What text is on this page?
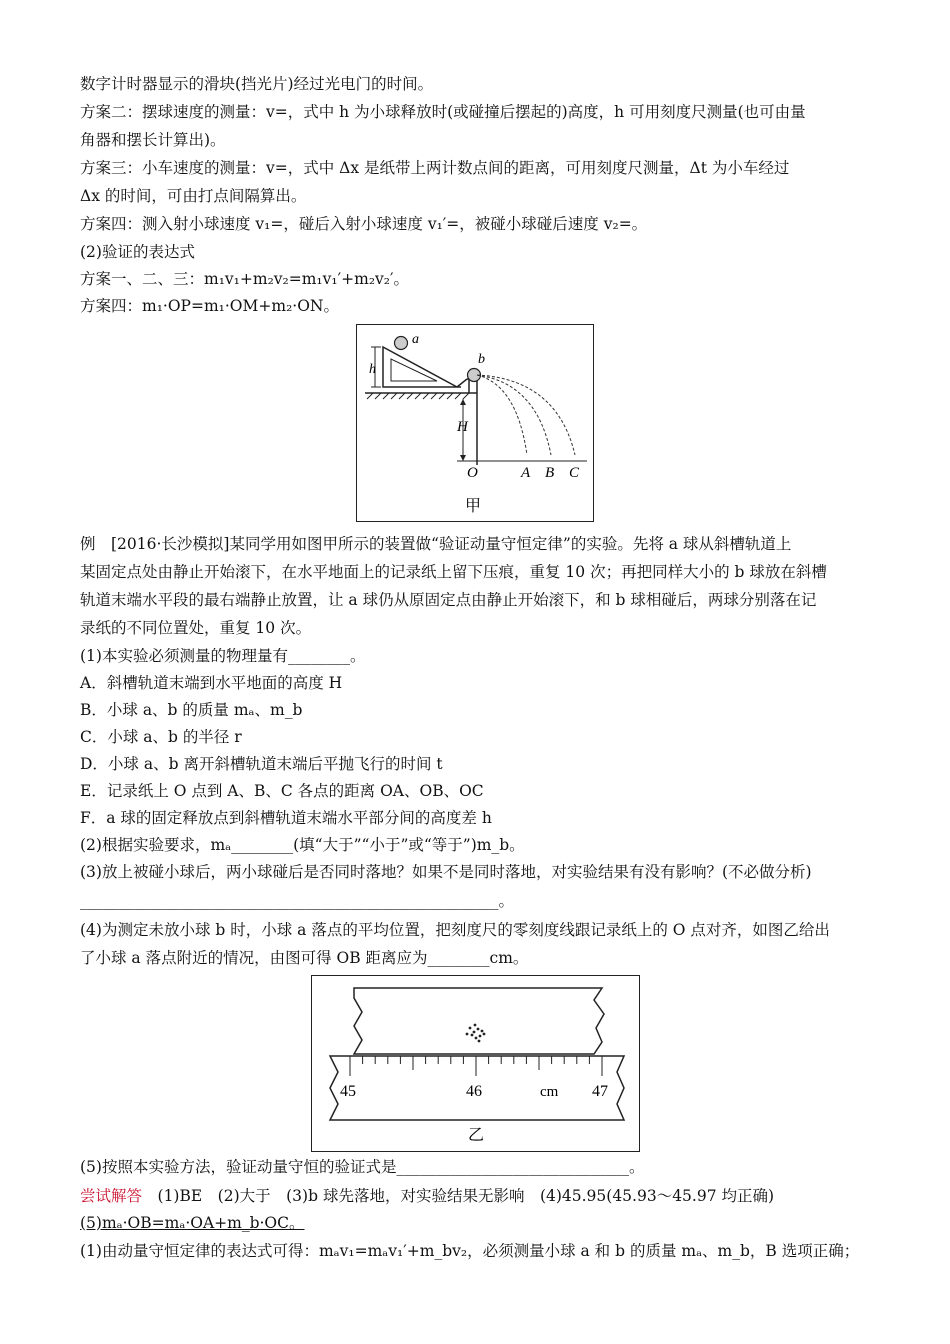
数字计时器显示的滑块(挡光片)经过光电门的时间。
方案二：摆球速度的测量：v=，式中 h 为小球释放时(或碰撞后摆起的)高度，h 可用刻度尺测量(也可由量
角器和摆长计算出)。
方案三：小车速度的测量：v=，式中 Δx 是纸带上两计数点间的距离，可用刻度尺测量，Δt 为小车经过
Δx 的时间，可由打点间隔算出。
方案四：测入射小球速度 v₁=，碰后入射小球速度 v₁′=，被碰小球碰后速度 v₂=。
(2)验证的表达式
方案一、二、三：m₁v₁+m₂v₂=m₁v₁′+m₂v₂′。
方案四：m₁·OP=m₁·OM+m₂·ON。
a
b
h
H
O	A B C
甲
例　[2016·长沙模拟]某同学用如图甲所示的装置做“验证动量守恒定律”的实验。先将 a 球从斜槽轨道上
某固定点处由静止开始滚下，在水平地面上的记录纸上留下压痕，重复 10 次；再把同样大小的 b 球放在斜槽
轨道末端水平段的最右端静止放置，让 a 球仍从原固定点由静止开始滚下，和 b 球相碰后，两球分别落在记
录纸的不同位置处，重复 10 次。
(1)本实验必须测量的物理量有________。
A．斜槽轨道末端到水平地面的高度 H
B．小球 a、b 的质量 mₐ、m_b
C．小球 a、b 的半径 r
D．小球 a、b 离开斜槽轨道末端后平抛飞行的时间 t
E．记录纸上 O 点到 A、B、C 各点的距离 OA、OB、OC
F．a 球的固定释放点到斜槽轨道末端水平部分间的高度差 h
(2)根据实验要求，mₐ________(填“大于”“小于”或“等于”)m_b。
(3)放上被碰小球后，两小球碰后是否同时落地？如果不是同时落地，对实验结果有没有影响？(不必做分析)
______________________________________________________。
(4)为测定未放小球 b 时，小球 a 落点的平均位置，把刻度尺的零刻度线跟记录纸上的 O 点对齐，如图乙给出
了小球 a 落点附近的情况，由图可得 OB 距离应为________cm。
45	46	cm 47
乙
(5)按照本实验方法，验证动量守恒的验证式是______________________________。
尝试解答　(1)BE　(2)大于　(3)b 球先落地，对实验结果无影响　(4)45.95(45.93～45.97 均正确)
(5)mₐ·OB=mₐ·OA+m_b·OC。
(1)由动量守恒定律的表达式可得：mₐv₁=mₐv₁′+m_bv₂，必须测量小球 a 和 b 的质量 mₐ、m_b，B 选项正确；
